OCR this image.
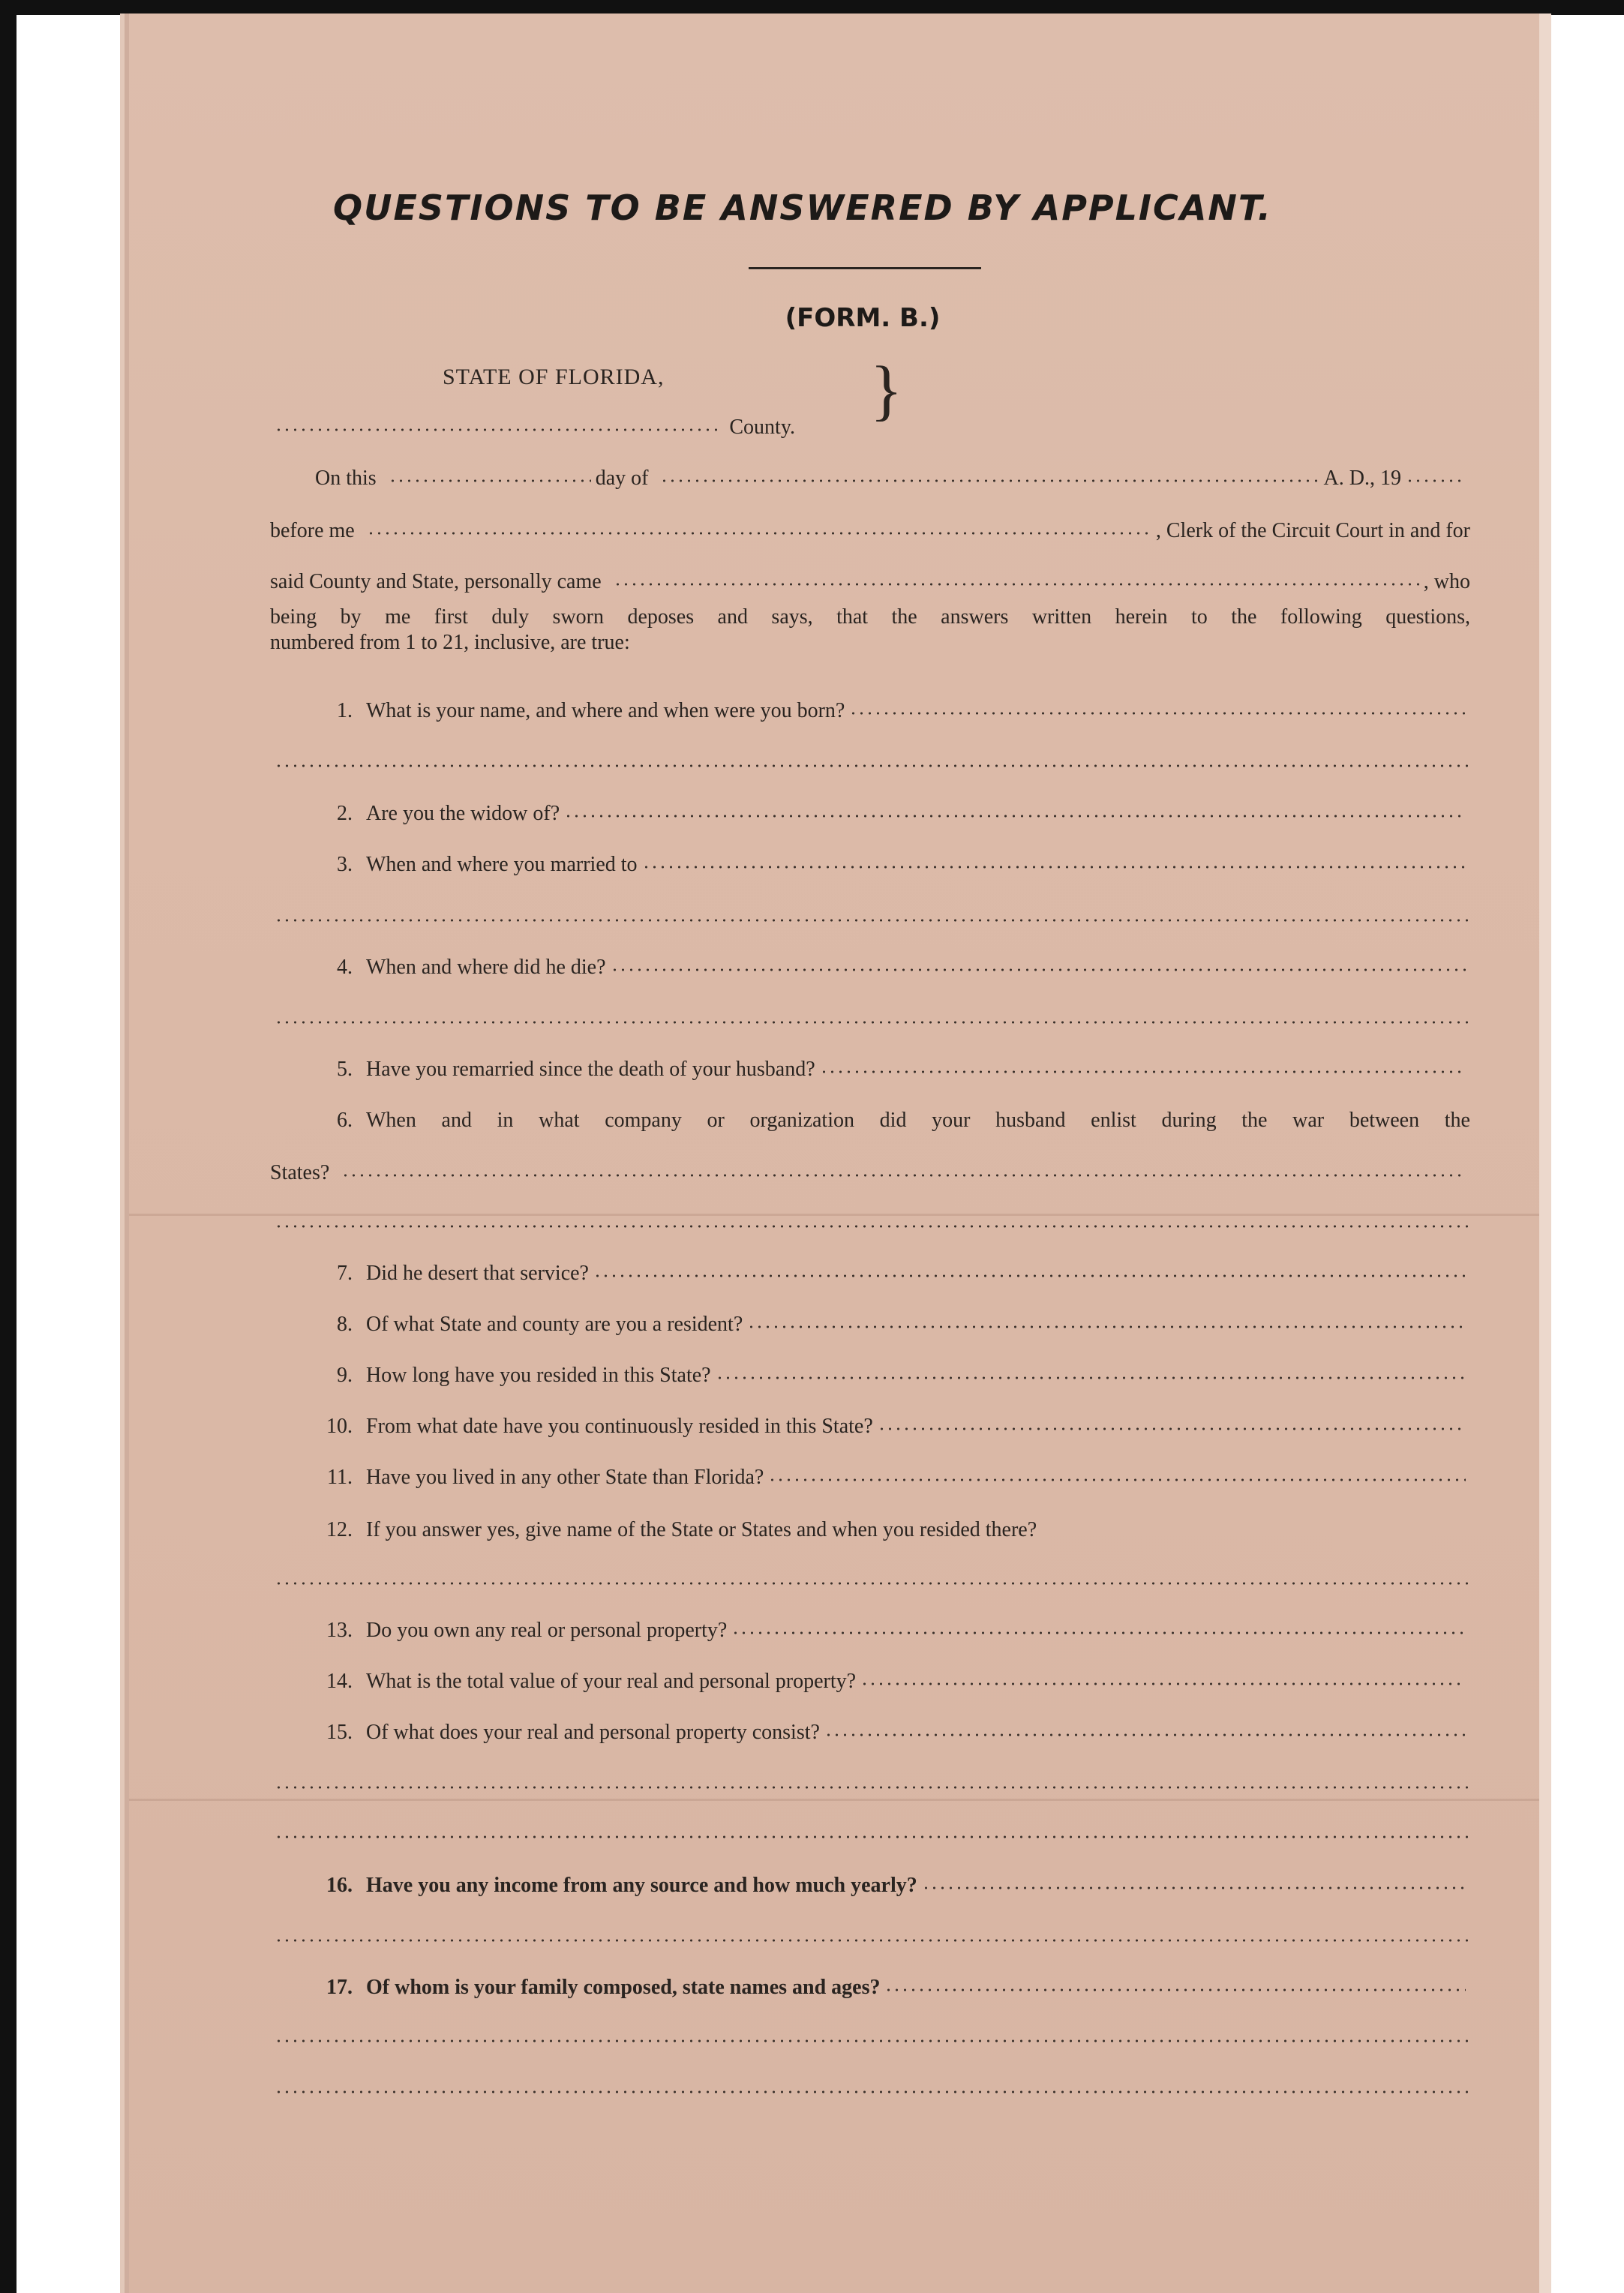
QUESTIONS TO BE ANSWERED BY APPLICANT.
(FORM. B.)
STATE OF FLORIDA,	}
County.
On this	day of	A. D., 19
before me	, Clerk of the Circuit Court in and for
said County and State, personally came	, who
being by me first duly sworn deposes and says, that the answers written herein to the following questions,
numbered from 1 to 21, inclusive, are true:
1. What is your name, and where and when were you born?
2. Are you the widow of?
3. When and where you married to
4. When and where did he die?
5. Have you remarried since the death of your husband?
6. When and in what company or organization did your husband enlist during the war between the
States?
7. Did he desert that service?
8. Of what State and county are you a resident?
9. How long have you resided in this State?
10. From what date have you continuously resided in this State?
11. Have you lived in any other State than Florida?
12. If you answer yes, give name of the State or States and when you resided there?
13. Do you own any real or personal property?
14. What is the total value of your real and personal property?
15. Of what does your real and personal property consist?
16. Have you any income from any source and how much yearly?
17. Of whom is your family composed, state names and ages?
